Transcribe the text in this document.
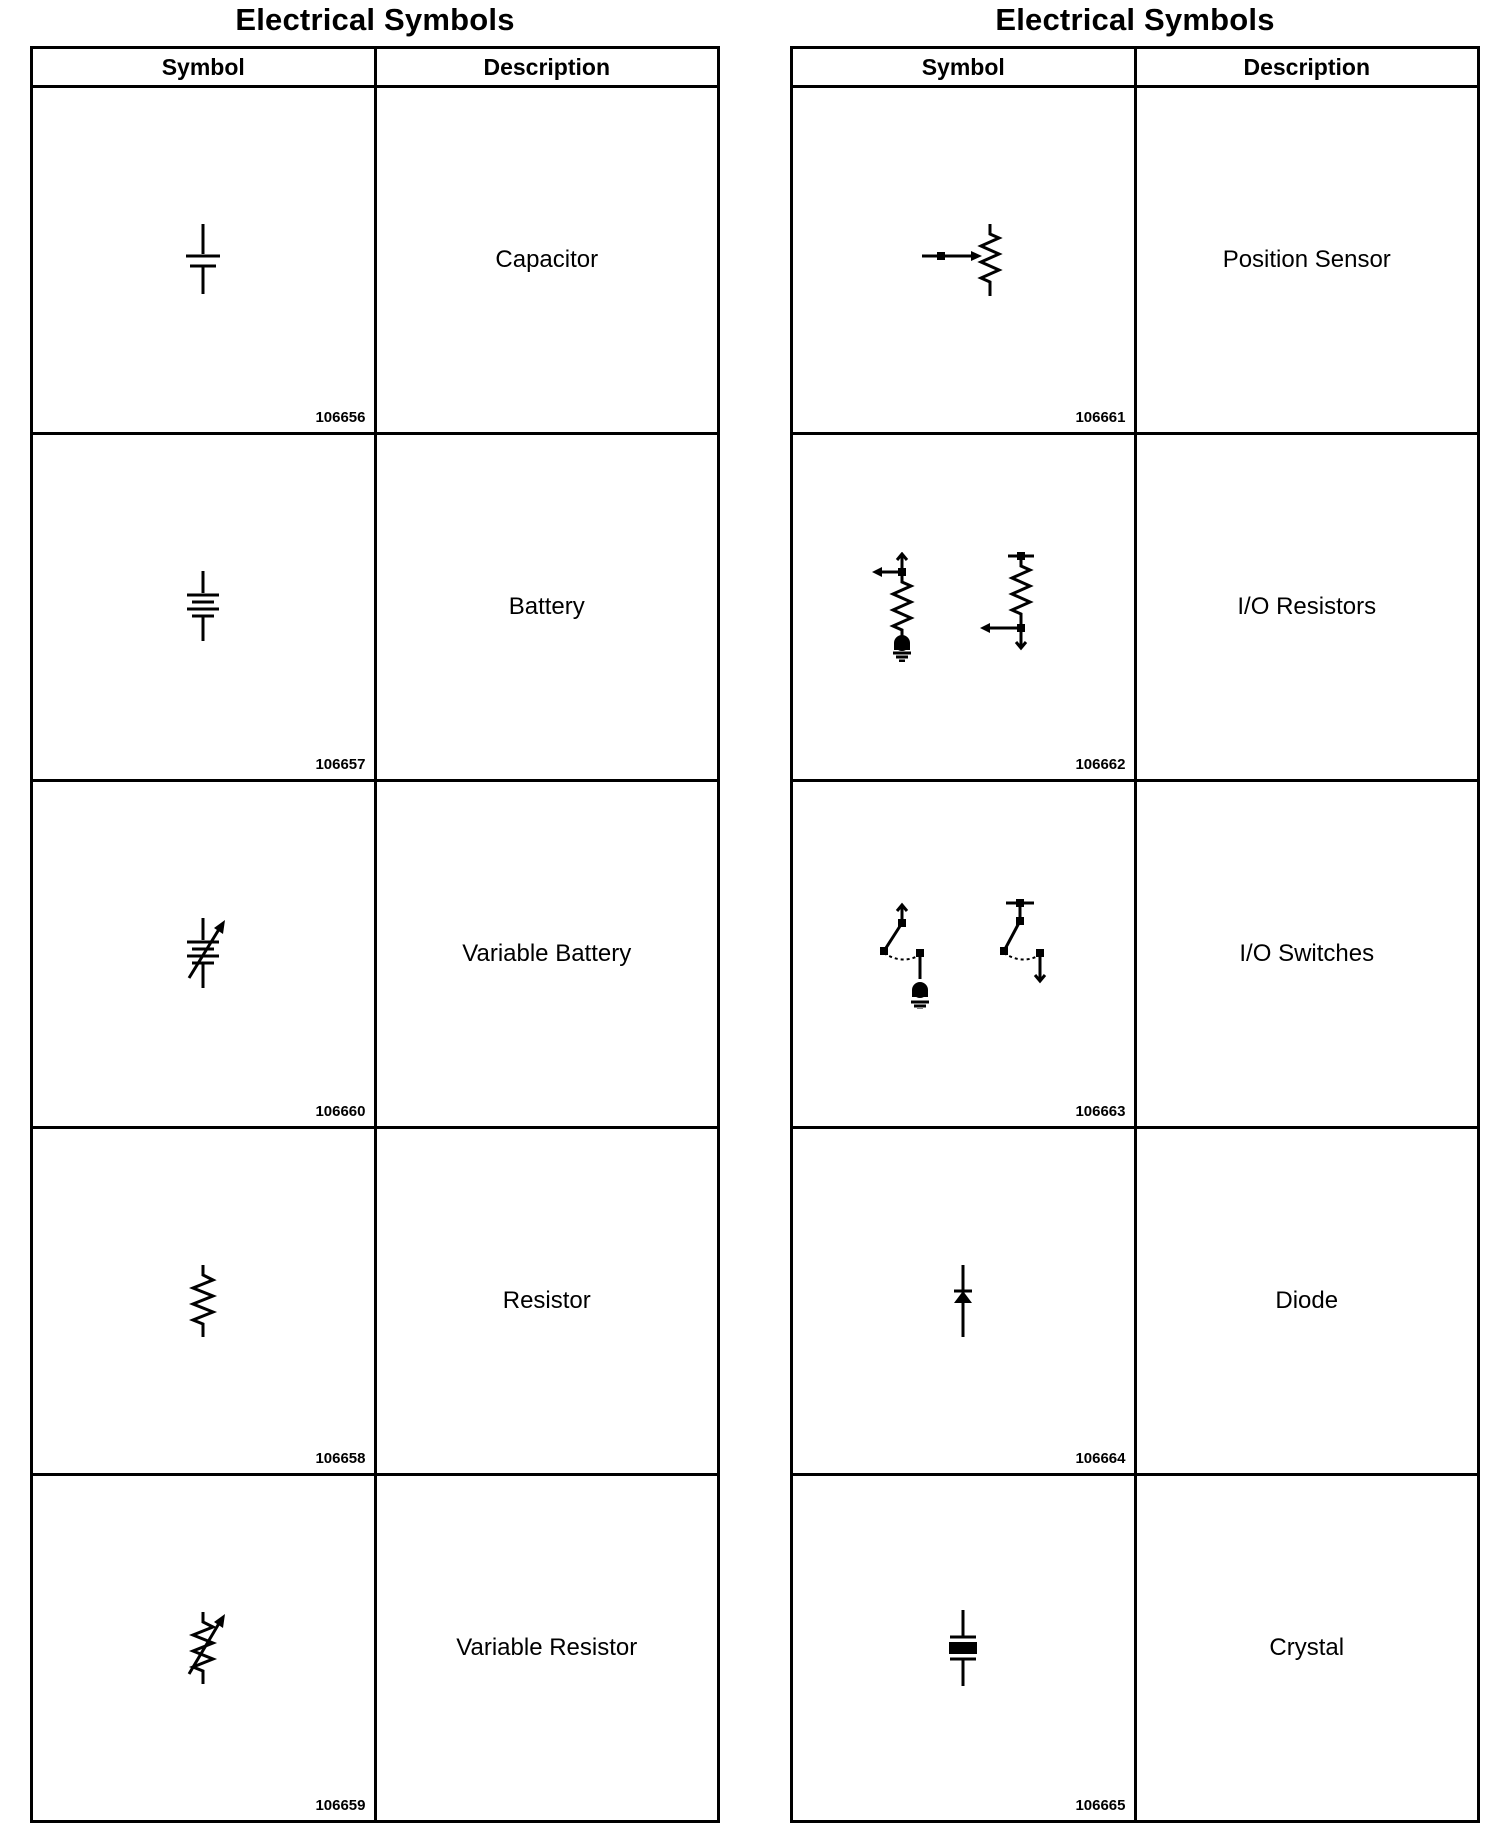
Electrical Symbols
Symbol	Description

106656	Capacitor

106657	Battery

106660	Variable Battery

106658	Resistor

106659	Variable Resistor
Electrical Symbols
Symbol	Description

106661	Position Sensor

106662	I/O Resistors

106663	I/O Switches

106664	Diode

106665	Crystal
